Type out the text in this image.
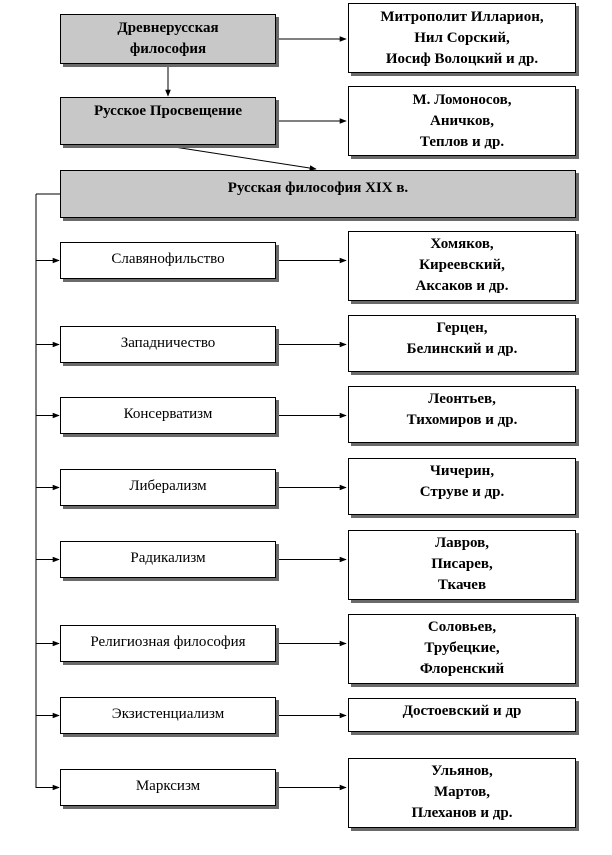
Древнерусская
философия
Митрополит Илларион,
Нил Сорский,
Иосиф Волоцкий и др.
Русское Просвещение
М. Ломоносов,
Аничков,
Теплов и др.
Русская философия XIX в.
Славянофильство
Хомяков,
Киреевский,
Аксаков и др.
Западничество
Герцен,
Белинский и др.
Консерватизм
Леонтьев,
Тихомиров и др.
Либерализм
Чичерин,
Струве и др.
Радикализм
Лавров,
Писарев,
Ткачев
Религиозная философия
Соловьев,
Трубецкие,
Флоренский
Экзистенциализм	Достоевский и др
Марксизм
Ульянов,
Мартов,
Плеханов и др.
